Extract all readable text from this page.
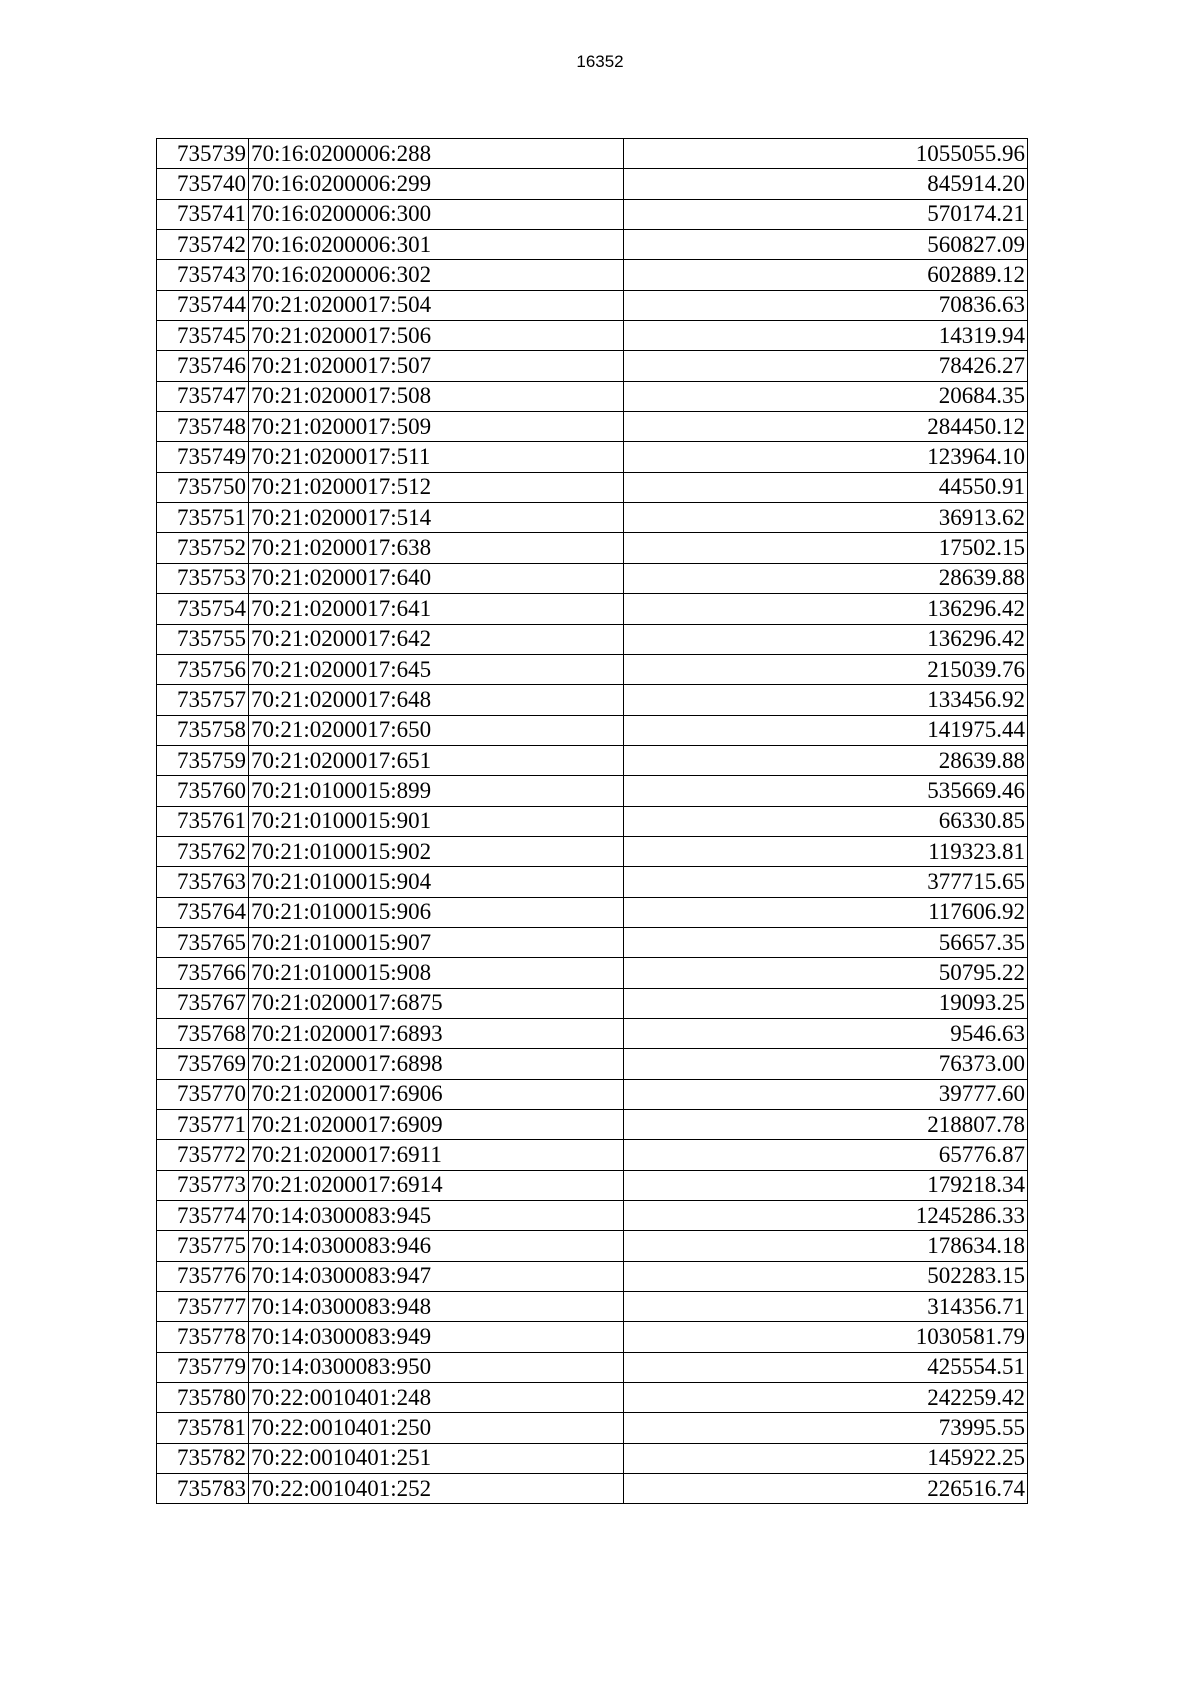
16352
735739	70:16:0200006:288	1055055.96
735740	70:16:0200006:299	845914.20
735741	70:16:0200006:300	570174.21
735742	70:16:0200006:301	560827.09
735743	70:16:0200006:302	602889.12
735744	70:21:0200017:504	70836.63
735745	70:21:0200017:506	14319.94
735746	70:21:0200017:507	78426.27
735747	70:21:0200017:508	20684.35
735748	70:21:0200017:509	284450.12
735749	70:21:0200017:511	123964.10
735750	70:21:0200017:512	44550.91
735751	70:21:0200017:514	36913.62
735752	70:21:0200017:638	17502.15
735753	70:21:0200017:640	28639.88
735754	70:21:0200017:641	136296.42
735755	70:21:0200017:642	136296.42
735756	70:21:0200017:645	215039.76
735757	70:21:0200017:648	133456.92
735758	70:21:0200017:650	141975.44
735759	70:21:0200017:651	28639.88
735760	70:21:0100015:899	535669.46
735761	70:21:0100015:901	66330.85
735762	70:21:0100015:902	119323.81
735763	70:21:0100015:904	377715.65
735764	70:21:0100015:906	117606.92
735765	70:21:0100015:907	56657.35
735766	70:21:0100015:908	50795.22
735767	70:21:0200017:6875	19093.25
735768	70:21:0200017:6893	9546.63
735769	70:21:0200017:6898	76373.00
735770	70:21:0200017:6906	39777.60
735771	70:21:0200017:6909	218807.78
735772	70:21:0200017:6911	65776.87
735773	70:21:0200017:6914	179218.34
735774	70:14:0300083:945	1245286.33
735775	70:14:0300083:946	178634.18
735776	70:14:0300083:947	502283.15
735777	70:14:0300083:948	314356.71
735778	70:14:0300083:949	1030581.79
735779	70:14:0300083:950	425554.51
735780	70:22:0010401:248	242259.42
735781	70:22:0010401:250	73995.55
735782	70:22:0010401:251	145922.25
735783	70:22:0010401:252	226516.74
